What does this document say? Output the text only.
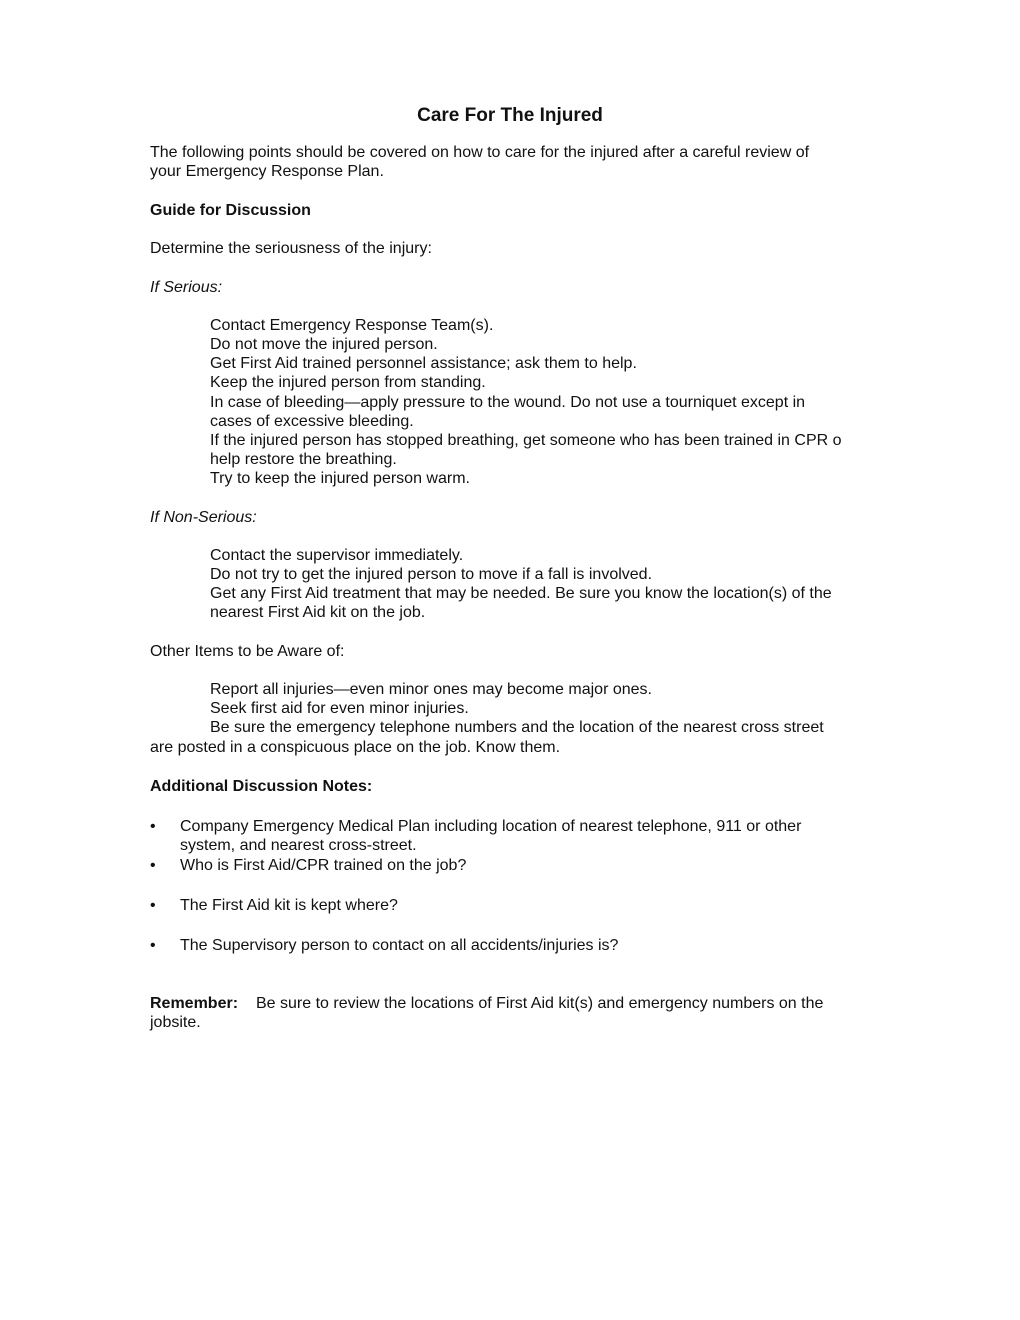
Care For The Injured
The following points should be covered on how to care for the injured after a careful review of
your Emergency Response Plan.
Guide for Discussion
Determine the seriousness of the injury:
If Serious:
Contact Emergency Response Team(s).
Do not move the injured person.
Get First Aid trained personnel assistance; ask them to help.
Keep the injured person from standing.
In case of bleeding—apply pressure to the wound. Do not use a tourniquet except in
cases of excessive bleeding.
If the injured person has stopped breathing, get someone who has been trained in CPR o
help restore the breathing.
Try to keep the injured person warm.
If Non-Serious:
Contact the supervisor immediately.
Do not try to get the injured person to move if a fall is involved.
Get any First Aid treatment that may be needed. Be sure you know the location(s) of the
nearest First Aid kit on the job.
Other Items to be Aware of:
Report all injuries—even minor ones may become major ones.
Seek first aid for even minor injuries.
Be sure the emergency telephone numbers and the location of the nearest cross street
are posted in a conspicuous place on the job. Know them.
Additional Discussion Notes:
• Company Emergency Medical Plan including location of nearest telephone, 911 or other
system, and nearest cross-street.
• Who is First Aid/CPR trained on the job?
• The First Aid kit is kept where?
• The Supervisory person to contact on all accidents/injuries is?
Remember: Be sure to review the locations of First Aid kit(s) and emergency numbers on the
jobsite.
